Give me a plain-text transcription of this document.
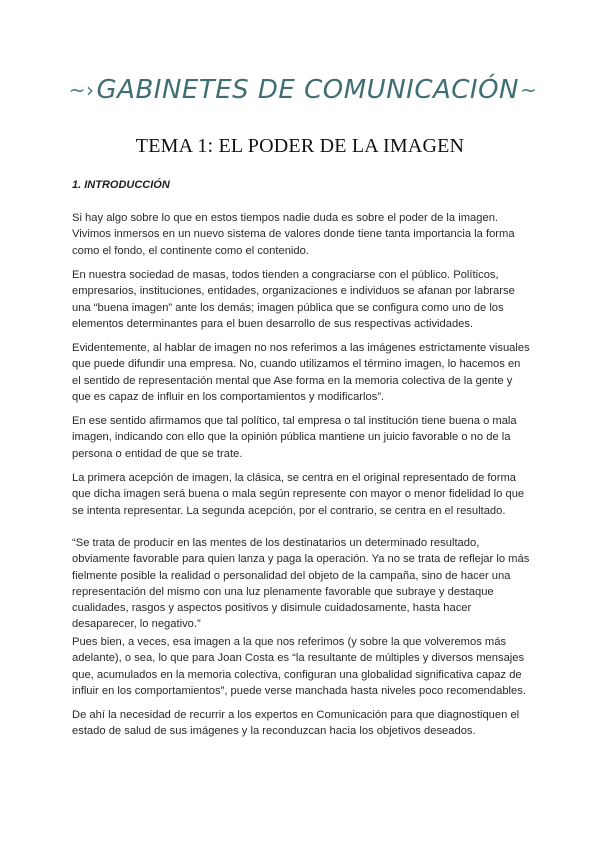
~› GABINETES DE COMUNICACIÓN ~
TEMA 1: EL PODER DE LA IMAGEN
1. INTRODUCCIÓN

Si hay algo sobre lo que en estos tiempos nadie duda es sobre el poder de la imagen. Vivimos inmersos en un nuevo sistema de valores donde tiene tanta importancia la forma como el fondo, el continente como el contenido.

En nuestra sociedad de masas, todos tienden a congraciarse con el público. Políticos, empresarios, instituciones, entidades, organizaciones e individuos se afanan por labrarse una “buena imagen” ante los demás; imagen pública que se configura como uno de los elementos determinantes para el buen desarrollo de sus respectivas actividades.

Evidentemente, al hablar de imagen no nos referimos a las imágenes estrictamente visuales que puede difundir una empresa. No, cuando utilizamos el término imagen, lo hacemos en el sentido de representación mental que Ase forma en la memoria colectiva de la gente y que es capaz de influir en los comportamientos y modificarlos”.

En ese sentido afirmamos que tal político, tal empresa o tal institución tiene buena o mala imagen, indicando con ello que la opinión pública mantiene un juicio favorable o no de la persona o entidad de que se trate.

La primera acepción de imagen, la clásica, se centra en el original representado de forma que dicha imagen será buena o mala según represente con mayor o menor fidelidad lo que se intenta representar. La segunda acepción, por el contrario, se centra en el resultado.

“Se trata de producir en las mentes de los destinatarios un determinado resultado, obviamente favorable para quien lanza y paga la operación. Ya no se trata de reflejar lo más fielmente posible la realidad o personalidad del objeto de la campaña, sino de hacer una representación del mismo con una luz plenamente favorable que subraye y destaque cualidades, rasgos y aspectos positivos y disimule cuidadosamente, hasta hacer desaparecer, lo negativo.”

Pues bien, a veces, esa imagen a la que nos referimos (y sobre la que volveremos más adelante), o sea, lo que para Joan Costa es “la resultante de múltiples y diversos mensajes que, acumulados en la memoria colectiva, configuran una globalidad significativa capaz de influir en los comportamientos”, puede verse manchada hasta niveles poco recomendables.

De ahí la necesidad de recurrir a los expertos en Comunicación para que diagnostiquen el estado de salud de sus imágenes y la reconduzcan hacia los objetivos deseados.
